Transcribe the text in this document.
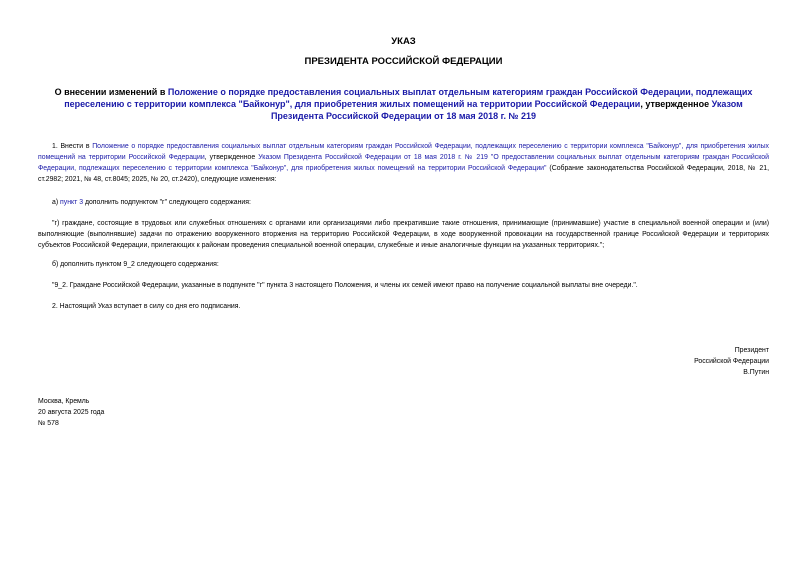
УКАЗ
ПРЕЗИДЕНТА РОССИЙСКОЙ ФЕДЕРАЦИИ
О внесении изменений в Положение о порядке предоставления социальных выплат отдельным категориям граждан Российской Федерации, подлежащих переселению с территории комплекса "Байконур", для приобретения жилых помещений на территории Российской Федерации, утвержденное Указом Президента Российской Федерации от 18 мая 2018 г. № 219
1. Внести в Положение о порядке предоставления социальных выплат отдельным категориям граждан Российской Федерации, подлежащих переселению с территории комплекса "Байконур", для приобретения жилых помещений на территории Российской Федерации, утвержденное Указом Президента Российской Федерации от 18 мая 2018 г. № 219 "О предоставлении социальных выплат отдельным категориям граждан Российской Федерации, подлежащих переселению с территории комплекса "Байконур", для приобретения жилых помещений на территории Российской Федерации" (Собрание законодательства Российской Федерации, 2018, № 21, ст.2982; 2021, № 48, ст.8045; 2025, № 20, ст.2420), следующие изменения:
а) пункт 3 дополнить подпунктом "г" следующего содержания:
"г) граждане, состоящие в трудовых или служебных отношениях с органами или организациями либо прекратившие такие отношения, принимающие (принимавшие) участие в специальной военной операции и (или) выполняющие (выполнявшие) задачи по отражению вооруженного вторжения на территорию Российской Федерации, в ходе вооруженной провокации на государственной границе Российской Федерации и территориях субъектов Российской Федерации, прилегающих к районам проведения специальной военной операции, служебные и иные аналогичные функции на указанных территориях.";
б) дополнить пунктом 9_2 следующего содержания:
"9_2. Граждане Российской Федерации, указанные в подпункте "г" пункта 3 настоящего Положения, и члены их семей имеют право на получение социальной выплаты вне очереди.".
2. Настоящий Указ вступает в силу со дня его подписания.
Президент
Российской Федерации
В.Путин
Москва, Кремль
20 августа 2025 года
№ 578
